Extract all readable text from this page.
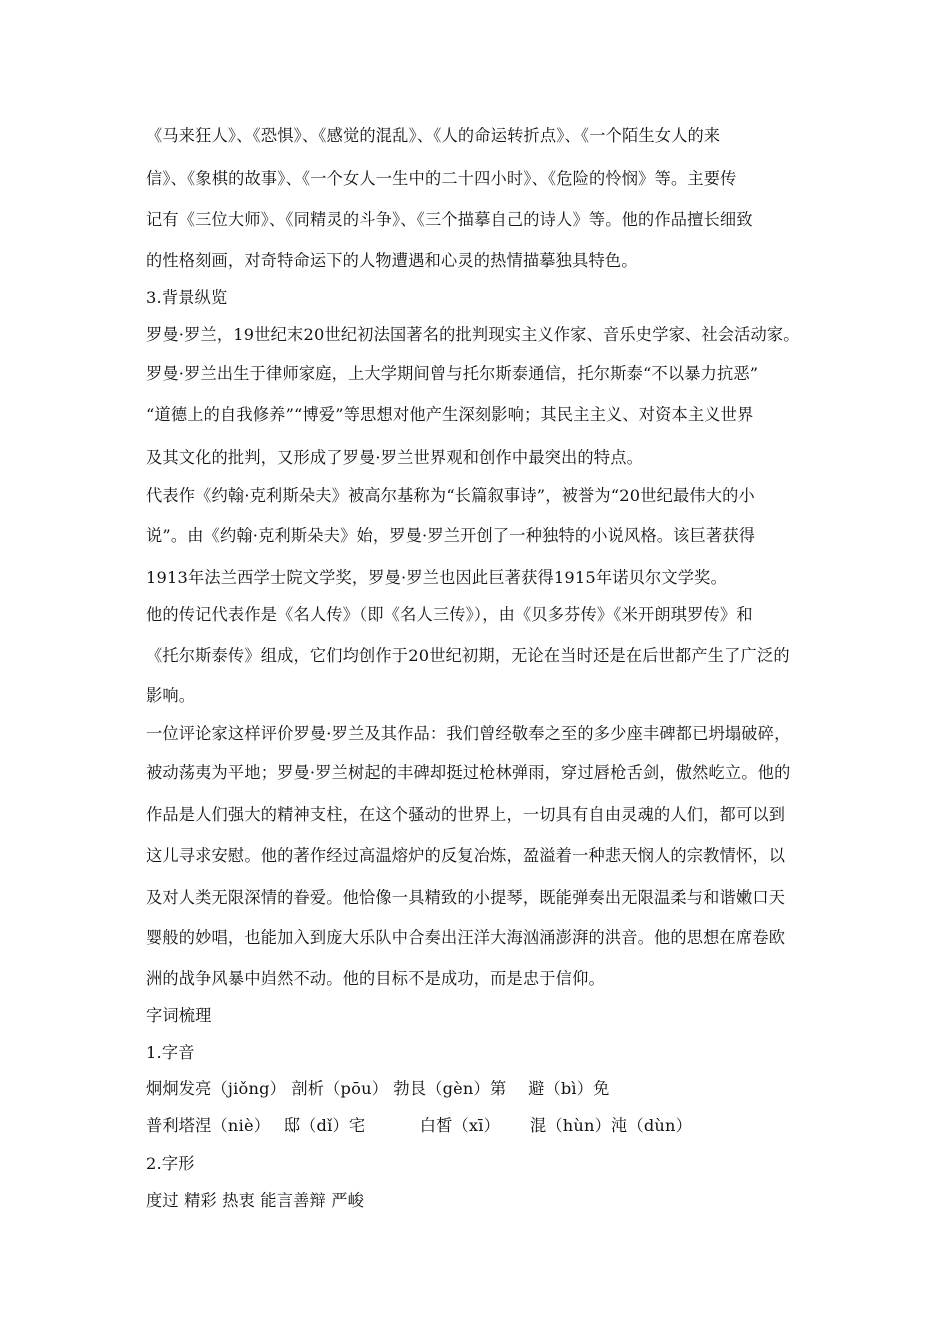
《马来狂人》、《恐惧》、《感觉的混乱》、《人的命运转折点》、《一个陌生女人的来
信》、《象棋的故事》、《一个女人一生中的二十四小时》、《危险的怜悯》等。主要传
记有《三位大师》、《同精灵的斗争》、《三个描摹自己的诗人》等。他的作品擅长细致
的性格刻画，对奇特命运下的人物遭遇和心灵的热情描摹独具特色。
3.背景纵览
罗曼·罗兰，19世纪末20世纪初法国著名的批判现实主义作家、音乐史学家、社会活动家。
罗曼·罗兰出生于律师家庭，上大学期间曾与托尔斯泰通信，托尔斯泰“不以暴力抗恶”
“道德上的自我修养”“博爱”等思想对他产生深刻影响；其民主主义、对资本主义世界
及其文化的批判，又形成了罗曼·罗兰世界观和创作中最突出的特点。
代表作《约翰·克利斯朵夫》被高尔基称为“长篇叙事诗”，被誉为“20世纪最伟大的小
说”。由《约翰·克利斯朵夫》始，罗曼·罗兰开创了一种独特的小说风格。该巨著获得
1913年法兰西学士院文学奖，罗曼·罗兰也因此巨著获得1915年诺贝尔文学奖。
他的传记代表作是《名人传》（即《名人三传》），由《贝多芬传》《米开朗琪罗传》和
《托尔斯泰传》组成，它们均创作于20世纪初期，无论在当时还是在后世都产生了广泛的
影响。
一位评论家这样评价罗曼·罗兰及其作品：我们曾经敬奉之至的多少座丰碑都已坍塌破碎，
被动荡夷为平地；罗曼·罗兰树起的丰碑却挺过枪林弹雨，穿过唇枪舌剑，傲然屹立。他的
作品是人们强大的精神支柱，在这个骚动的世界上，一切具有自由灵魂的人们，都可以到
这儿寻求安慰。他的著作经过高温熔炉的反复冶炼，盈溢着一种悲天悯人的宗教情怀，以
及对人类无限深情的眷爱。他恰像一具精致的小提琴，既能弹奏出无限温柔与和谐嫩口天
婴般的妙唱，也能加入到庞大乐队中合奏出汪洋大海汹涌澎湃的洪音。他的思想在席卷欧
洲的战争风暴中岿然不动。他的目标不是成功，而是忠于信仰。
字词梳理
1.字音
炯炯发亮（jiǒng） 剖析（pōu） 勃艮（gèn）第　 避（bì）免
普利塔涅（niè）　 邸（dǐ）宅　　 　白皙（xī）　　 混（hùn）沌（dùn）
2.字形
度过 精彩 热衷 能言善辩 严峻
